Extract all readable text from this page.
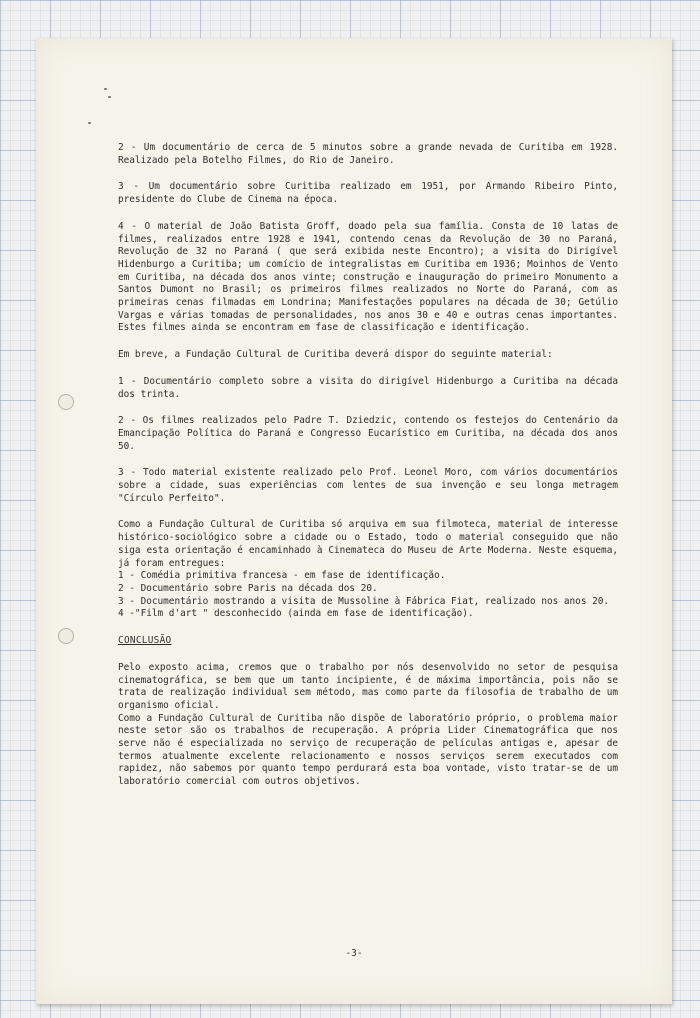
2 - Um documentário de cerca de 5 minutos sobre a grande nevada de Curitiba em 1928. Realizado pela Botelho Filmes, do Rio de Janeiro.

3 - Um documentário sobre Curitiba realizado em 1951, por Armando Ribeiro Pinto, presidente do Clube de Cinema na época.

4 - O material de João Batista Groff, doado pela sua família. Consta de 10 latas de filmes, realizados entre 1928 e 1941, contendo cenas da Revolução de 30 no Paraná, Revolução de 32 no Paraná ( que será exibida neste Encontro); a visita do Dirigível Hidenburgo a Curitiba; um comício de integralistas em Curitiba em 1936; Moinhos de Vento em Curitiba, na década dos anos vinte; construção e inauguração do primeiro Monumento a Santos Dumont no Brasil; os primeiros filmes realizados no Norte do Paraná, com as primeiras cenas filmadas em Londrina; Manifestações populares na década de 30; Getúlio Vargas e várias tomadas de personalidades, nos anos 30 e 40 e outras cenas importantes. Estes filmes ainda se encontram em fase de classificação e identificação.

Em breve, a Fundação Cultural de Curitiba deverá dispor do seguinte material:

1 - Documentário completo sobre a visita do dirigível Hidenburgo a Curitiba na década dos trinta.

2 - Os filmes realizados pelo Padre T. Dziedzic, contendo os festejos do Centenário da Emancipação Política do Paraná e Congresso Eucarístico em Curitiba, na década dos anos 50.

3 - Todo material existente realizado pelo Prof. Leonel Moro, com vários documentários sobre a cidade, suas experiências com lentes de sua invenção e seu longa metragem "Círculo Perfeito".

Como a Fundação Cultural de Curitiba só arquiva em sua filmoteca, material de interesse histórico-sociológico sobre a cidade ou o Estado, todo o material conseguido que não siga esta orientação é encaminhado à Cinemateca do Museu de Arte Moderna. Neste esquema, já foram entregues:

1 - Comédia primitiva francesa - em fase de identificação.
2 - Documentário sobre Paris na década dos 20.
3 - Documentário mostrando a visita de Mussoline à Fábrica Fiat, realizado nos anos 20.
4 -"Film d'art " desconhecido (ainda em fase de identificação).
CONCLUSÃO

Pelo exposto acima, cremos que o trabalho por nós desenvolvido no setor de pesquisa cinematográfica, se bem que um tanto incipiente, é de máxima importância, pois não se trata de realização individual sem método, mas como parte da filosofia de trabalho de um organismo oficial.

Como a Fundação Cultural de Curitiba não dispõe de laboratório próprio, o problema maior neste setor são os trabalhos de recuperação. A própria Lider Cinematográfica que nos serve não é especializada no serviço de recuperação de películas antigas e, apesar de termos atualmente excelente relacionamento e nossos serviços serem executados com rapidez, não sabemos por quanto tempo perdurará esta boa vontade, visto tratar-se de um laboratório comercial com outros objetivos.

-3-
